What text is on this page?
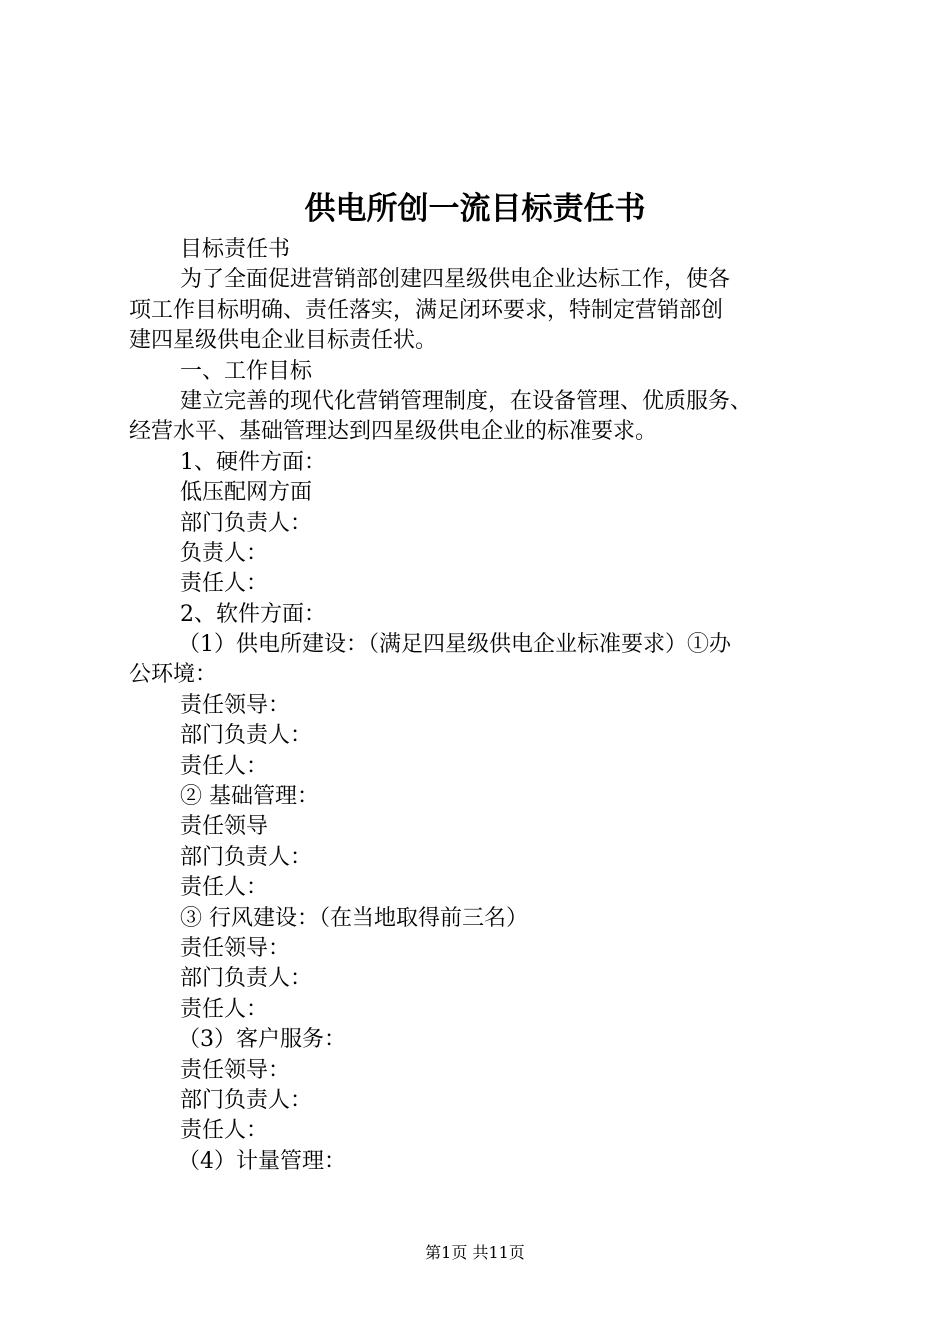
供电所创一流目标责任书
目标责任书
为了全面促进营销部创建四星级供电企业达标工作，使各
项工作目标明确、责任落实，满足闭环要求，特制定营销部创
建四星级供电企业目标责任状。
一、工作目标
建立完善的现代化营销管理制度，在设备管理、优质服务、
经营水平、基础管理达到四星级供电企业的标准要求。
1、硬件方面：
低压配网方面
部门负责人：
负责人：
责任人：
2、软件方面：
（1）供电所建设：（满足四星级供电企业标准要求）①办
公环境：
责任领导：
部门负责人：
责任人：
② 基础管理：
责任领导
部门负责人：
责任人：
③ 行风建设：（在当地取得前三名）
责任领导：
部门负责人：
责任人：
（3）客户服务：
责任领导：
部门负责人：
责任人：
（4）计量管理：
第1页 共11页
